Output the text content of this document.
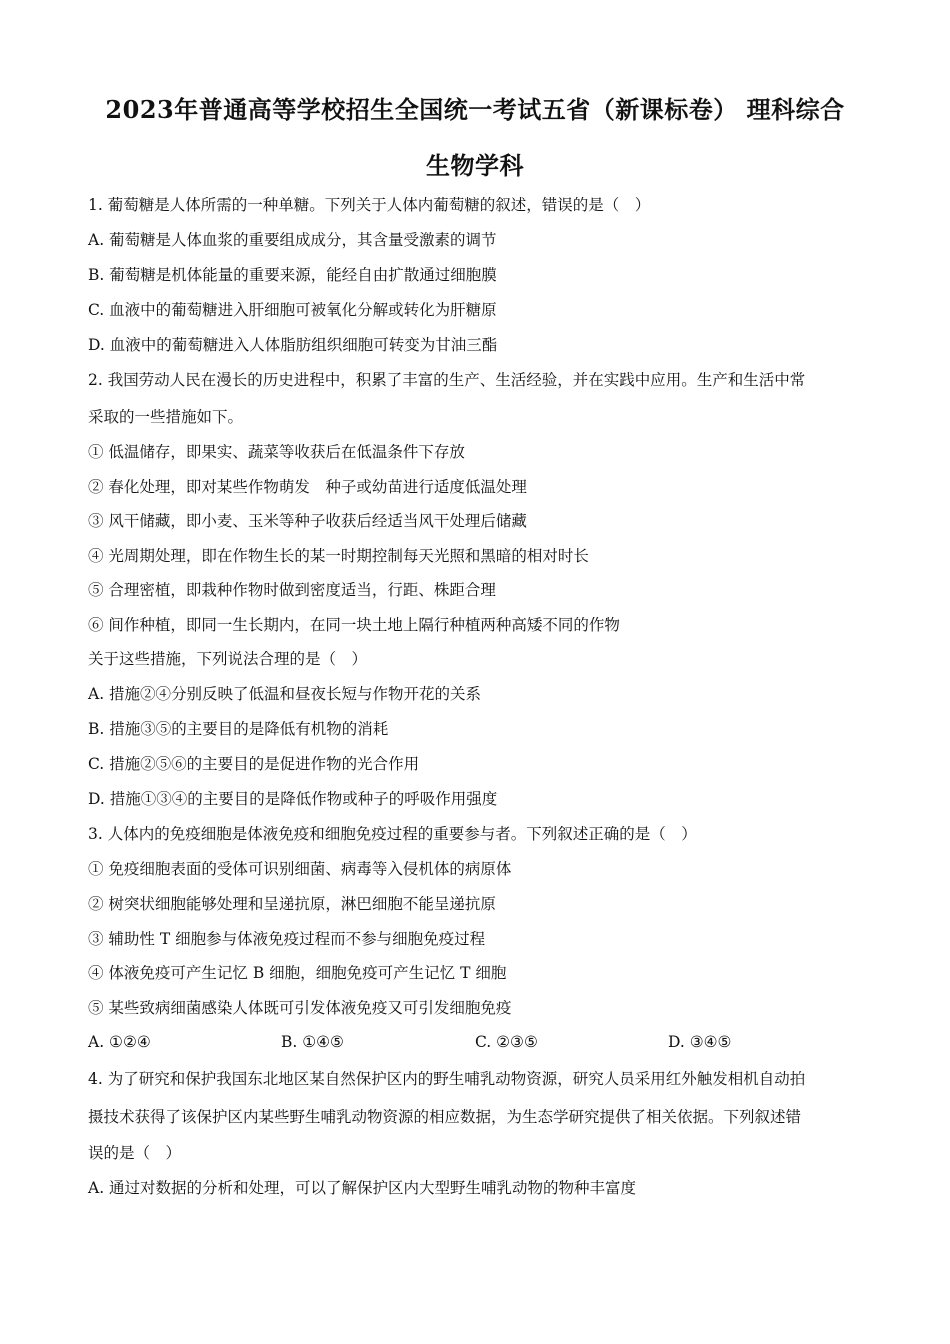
2023年普通高等学校招生全国统一考试五省（新课标卷） 理科综合
生物学科
1. 葡萄糖是人体所需的一种单糖。下列关于人体内葡萄糖的叙述，错误的是（　）
A. 葡萄糖是人体血浆的重要组成成分，其含量受激素的调节
B. 葡萄糖是机体能量的重要来源，能经自由扩散通过细胞膜
C. 血液中的葡萄糖进入肝细胞可被氧化分解或转化为肝糖原
D. 血液中的葡萄糖进入人体脂肪组织细胞可转变为甘油三酯
2. 我国劳动人民在漫长的历史进程中，积累了丰富的生产、生活经验，并在实践中应用。生产和生活中常
采取的一些措施如下。
① 低温储存，即果实、蔬菜等收获后在低温条件下存放
② 春化处理，即对某些作物萌发　种子或幼苗进行适度低温处理
③ 风干储藏，即小麦、玉米等种子收获后经适当风干处理后储藏
④ 光周期处理，即在作物生长的某一时期控制每天光照和黑暗的相对时长
⑤ 合理密植，即栽种作物时做到密度适当，行距、株距合理
⑥ 间作种植，即同一生长期内，在同一块土地上隔行种植两种高矮不同的作物
关于这些措施，下列说法合理的是（　）
A. 措施②④分别反映了低温和昼夜长短与作物开花的关系
B. 措施③⑤的主要目的是降低有机物的消耗
C. 措施②⑤⑥的主要目的是促进作物的光合作用
D. 措施①③④的主要目的是降低作物或种子的呼吸作用强度
3. 人体内的免疫细胞是体液免疫和细胞免疫过程的重要参与者。下列叙述正确的是（　）
① 免疫细胞表面的受体可识别细菌、病毒等入侵机体的病原体
② 树突状细胞能够处理和呈递抗原，淋巴细胞不能呈递抗原
③ 辅助性 T 细胞参与体液免疫过程而不参与细胞免疫过程
④ 体液免疫可产生记忆 B 细胞，细胞免疫可产生记忆 T 细胞
⑤ 某些致病细菌感染人体既可引发体液免疫又可引发细胞免疫
A. ①②④	B. ①④⑤	C. ②③⑤	D. ③④⑤
4. 为了研究和保护我国东北地区某自然保护区内的野生哺乳动物资源，研究人员采用红外触发相机自动拍
摄技术获得了该保护区内某些野生哺乳动物资源的相应数据，为生态学研究提供了相关依据。下列叙述错
误的是（　）
A. 通过对数据的分析和处理，可以了解保护区内大型野生哺乳动物的物种丰富度
